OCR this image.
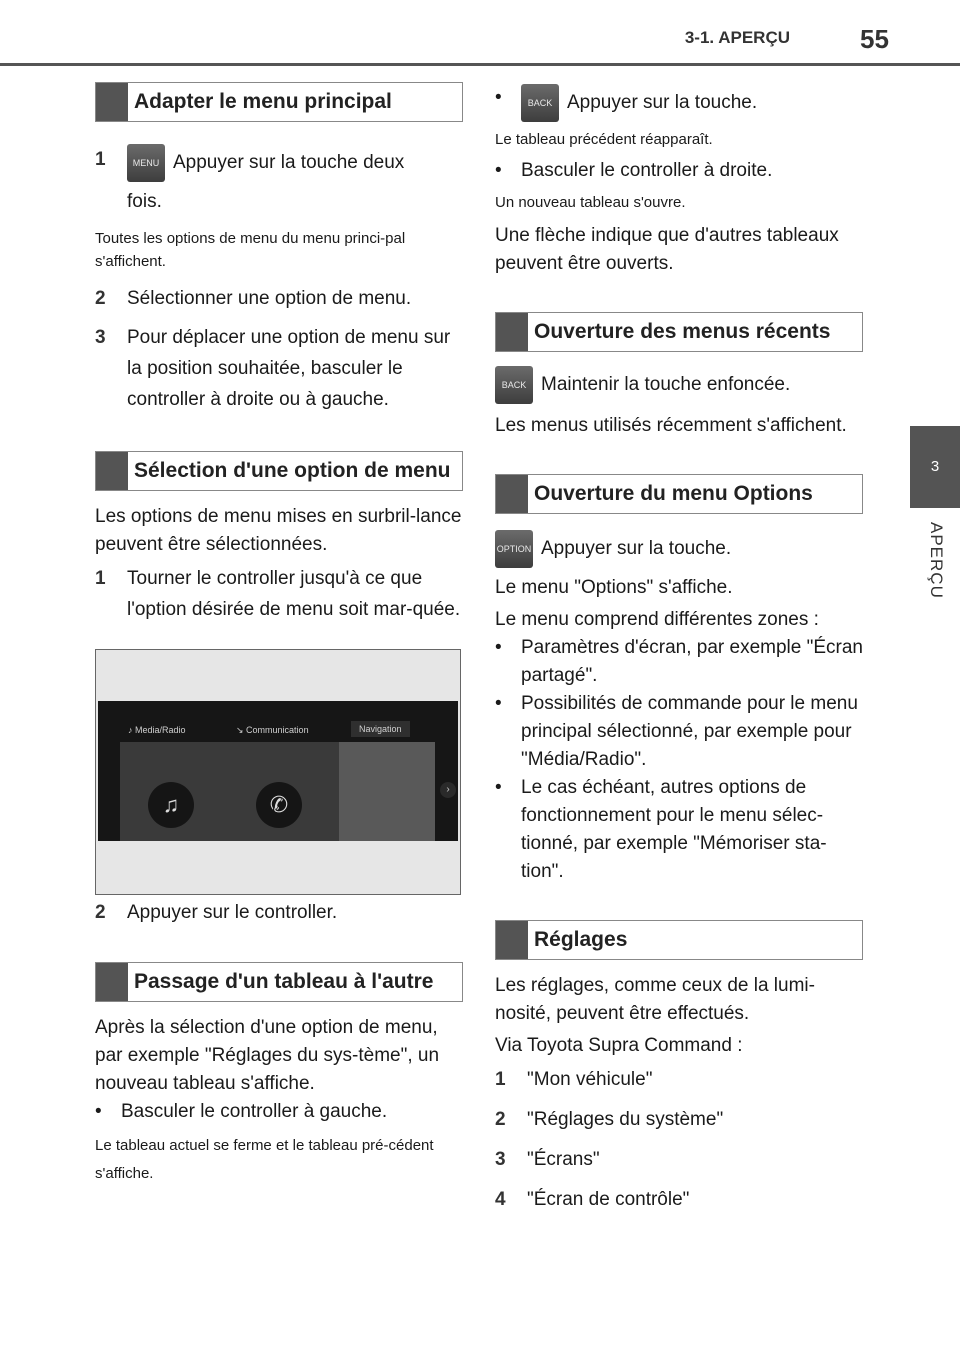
3-1. APERÇU	55
3
APERÇU
Adapter le menu principal
1	MENU Appuyer sur la touche deux
fois.

Toutes les options de menu du menu princi-pal s'affichent.

2	Sélectionner une option de menu.
3	Pour déplacer une option de menu sur la position souhaitée, basculer le controller à droite ou à gauche.
Sélection d'une option de menu

Les options de menu mises en surbril-lance peuvent être sélectionnées.

1	Tourner le controller jusqu'à ce que l'option désirée de menu soit mar-quée.
♪ Media/Radio	↘ Communication	Navigation
♫	✆
›
2	Appuyer sur le controller.
Passage d'un tableau à l'autre

Après la sélection d'une option de menu, par exemple "Réglages du sys-tème", un nouveau tableau s'affiche.

•	Basculer le controller à gauche.

Le tableau actuel se ferme et le tableau pré-cédent s'affiche.

•	BACK Appuyer sur la touche.

Le tableau précédent réapparaît.

•	Basculer le controller à droite.

Un nouveau tableau s'ouvre.

Une flèche indique que d'autres tableaux peuvent être ouverts.

Ouverture des menus récents
BACK Maintenir la touche enfoncée.

Les menus utilisés récemment s'affichent.

Ouverture du menu Options
OPTION Appuyer sur la touche.

Le menu "Options" s'affiche.

Le menu comprend différentes zones :

•	Paramètres d'écran, par exemple "Écran partagé".
•	Possibilités de commande pour le menu principal sélectionné, par exemple pour "Média/Radio".
•	Le cas échéant, autres options de fonctionnement pour le menu sélec-tionné, par exemple "Mémoriser sta-tion".
Réglages

Les réglages, comme ceux de la lumi-nosité, peuvent être effectués.

Via Toyota Supra Command :

1	"Mon véhicule"
2	"Réglages du système"
3	"Écrans"
4	"Écran de contrôle"
